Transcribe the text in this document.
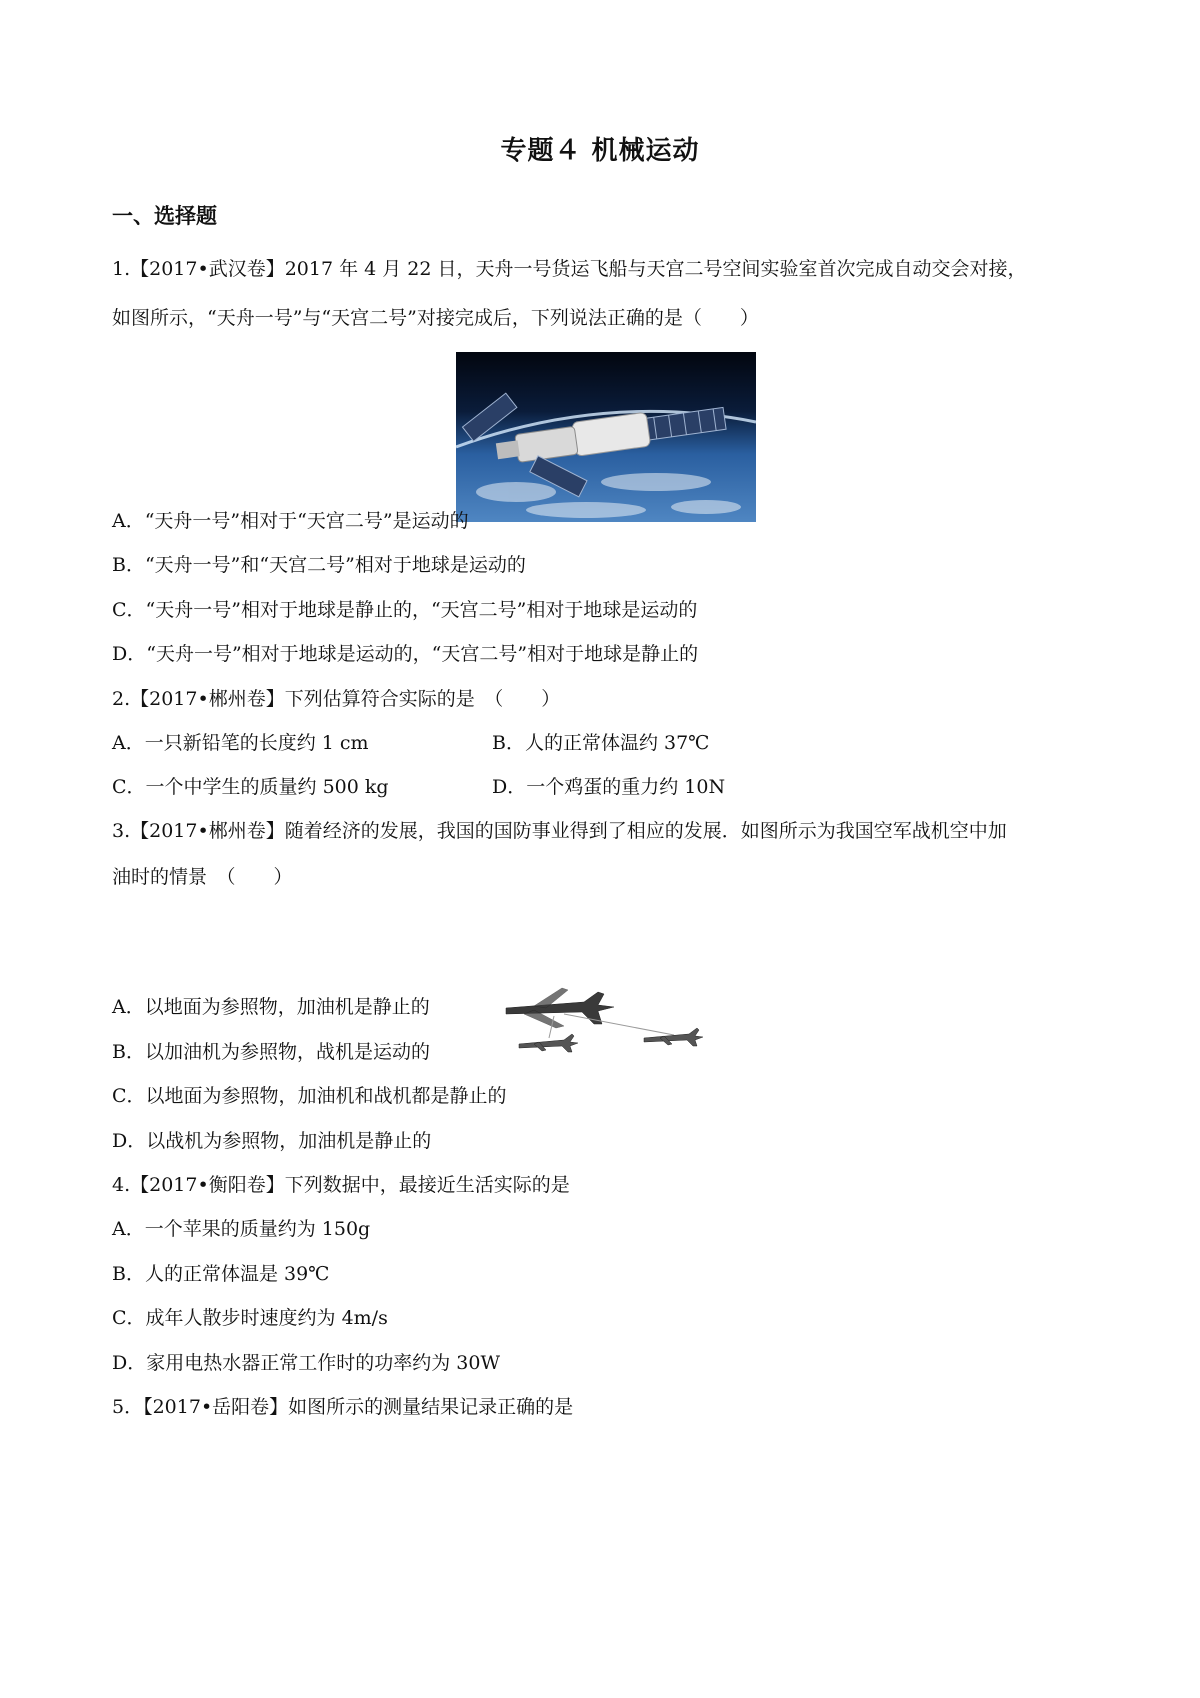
专题４ 机械运动
一、选择题
1.【2017•武汉卷】2017 年 4 月 22 日，天舟一号货运飞船与天宫二号空间实验室首次完成自动交会对接，
如图所示，“天舟一号”与“天宫二号”对接完成后，下列说法正确的是（　　）
A．“天舟一号”相对于“天宫二号”是运动的
B．“天舟一号”和“天宫二号”相对于地球是运动的
C．“天舟一号”相对于地球是静止的，“天宫二号”相对于地球是运动的
D．“天舟一号”相对于地球是运动的，“天宫二号”相对于地球是静止的
2.【2017•郴州卷】下列估算符合实际的是　（　　）
A．一只新铅笔的长度约 1 cm	B．人的正常体温约 37℃
C．一个中学生的质量约 500 kg	D．一个鸡蛋的重力约 10N
3.【2017•郴州卷】随着经济的发展，我国的国防事业得到了相应的发展．如图所示为我国空军战机空中加
油时的情景　（　　）
A．以地面为参照物，加油机是静止的
B．以加油机为参照物，战机是运动的
C．以地面为参照物，加油机和战机都是静止的
D．以战机为参照物，加油机是静止的
4.【2017•衡阳卷】下列数据中，最接近生活实际的是
A．一个苹果的质量约为 150g
B．人的正常体温是 39℃
C．成年人散步时速度约为 4m/s
D．家用电热水器正常工作时的功率约为 30W
5．【2017•岳阳卷】如图所示的测量结果记录正确的是
